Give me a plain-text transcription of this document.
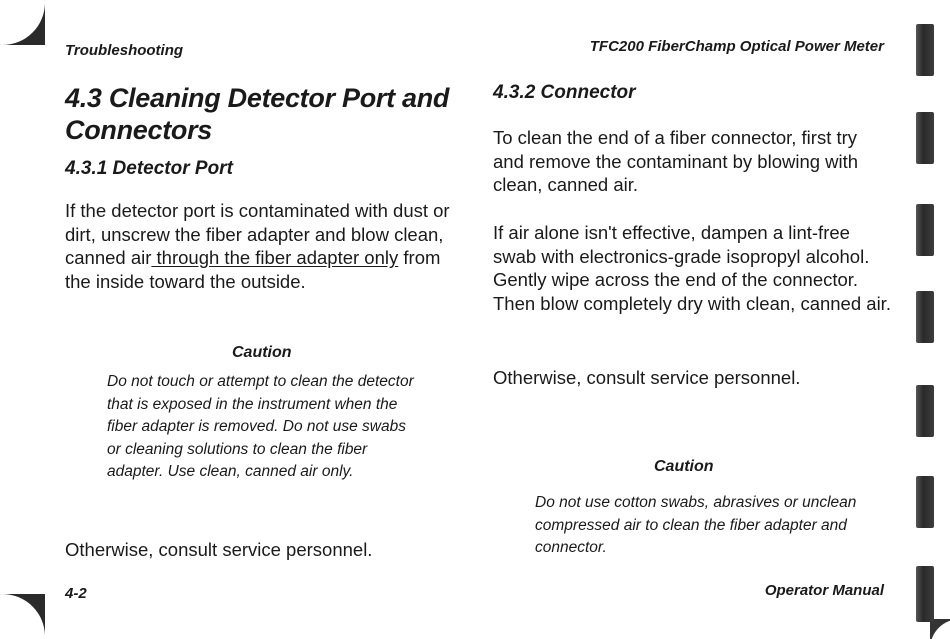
Troubleshooting	TFC200 FiberChamp Optical Power Meter
4.3 Cleaning Detector Port and Connectors
4.3.1 Detector Port

If the detector port is contaminated with dust or dirt, unscrew the fiber adapter and blow clean, canned air through the fiber adapter only from the inside toward the outside.

Caution

Do not touch or attempt to clean the detector that is exposed in the instrument when the fiber adapter is removed. Do not use swabs or cleaning solutions to clean the fiber adapter. Use clean, canned air only.

Otherwise, consult service personnel.

4.3.2 Connector

To clean the end of a fiber connector, first try and remove the contaminant by blowing with clean, canned air.

If air alone isn't effective, dampen a lint-free swab with electronics-grade isopropyl alcohol. Gently wipe across the end of the connector. Then blow completely dry with clean, canned air.

Otherwise, consult service personnel.

Caution

Do not use cotton swabs, abrasives or unclean compressed air to clean the fiber adapter and connector.

4-2	Operator Manual
